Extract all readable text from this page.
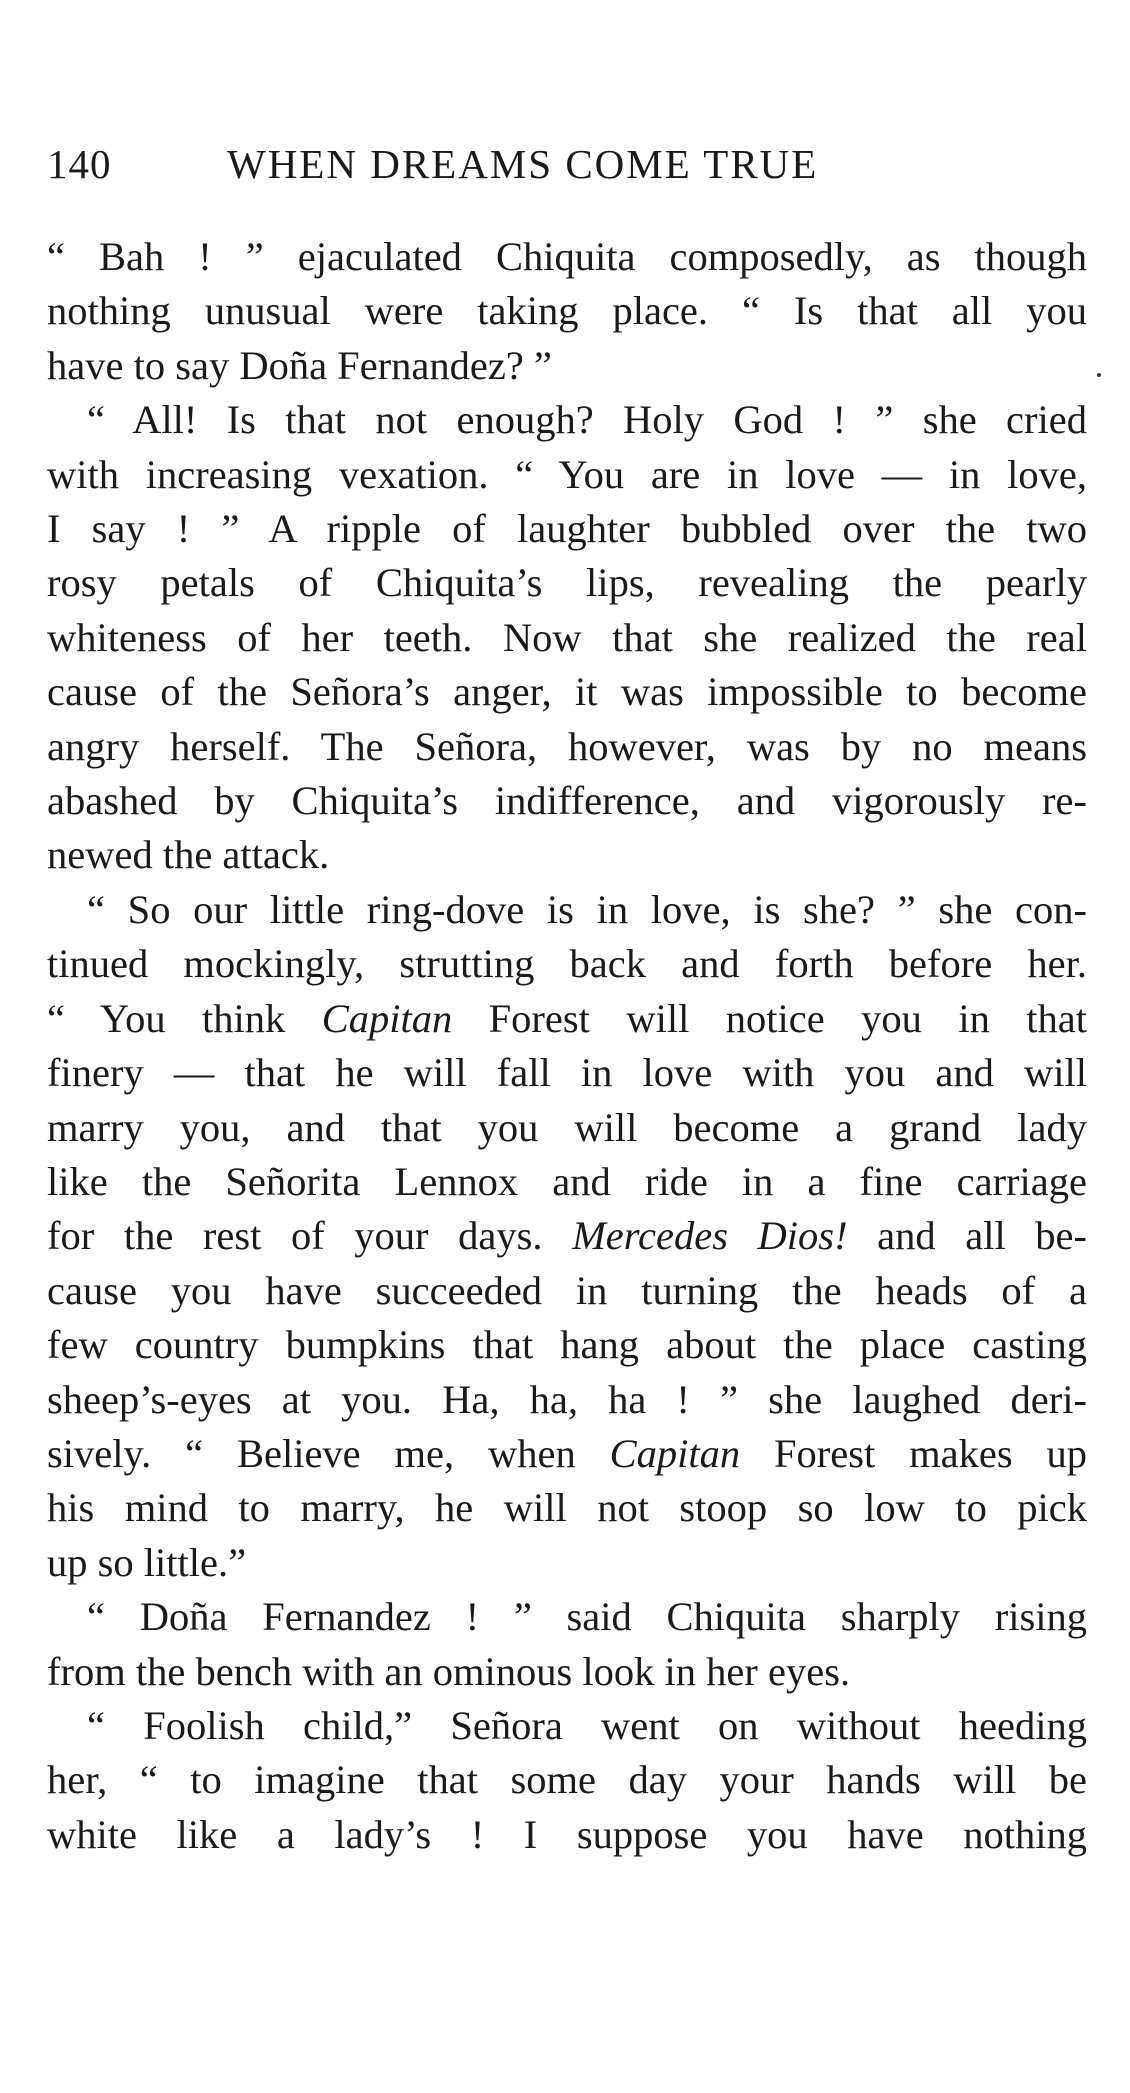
140	WHEN DREAMS COME TRUE
“ Bah ! ” ejaculated Chiquita composedly, as though
nothing unusual were taking place. “ Is that all you
have to say Doña Fernandez? ”
“ All! Is that not enough? Holy God ! ” she cried
with increasing vexation. “ You are in love — in love,
I say ! ” A ripple of laughter bubbled over the two
rosy petals of Chiquita’s lips, revealing the pearly
whiteness of her teeth. Now that she realized the real
cause of the Señora’s anger, it was impossible to become
angry herself. The Señora, however, was by no means
abashed by Chiquita’s indifference, and vigorously re-
newed the attack.
“ So our little ring-dove is in love, is she? ” she con-
tinued mockingly, strutting back and forth before her.
“ You think Capitan Forest will notice you in that
finery — that he will fall in love with you and will
marry you, and that you will become a grand lady
like the Señorita Lennox and ride in a fine carriage
for the rest of your days. Mercedes Dios! and all be-
cause you have succeeded in turning the heads of a
few country bumpkins that hang about the place casting
sheep’s-eyes at you. Ha, ha, ha ! ” she laughed deri-
sively. “ Believe me, when Capitan Forest makes up
his mind to marry, he will not stoop so low to pick
up so little.”
“ Doña Fernandez ! ” said Chiquita sharply rising
from the bench with an ominous look in her eyes.
“ Foolish child,” Señora went on without heeding
her, “ to imagine that some day your hands will be
white like a lady’s ! I suppose you have nothing
